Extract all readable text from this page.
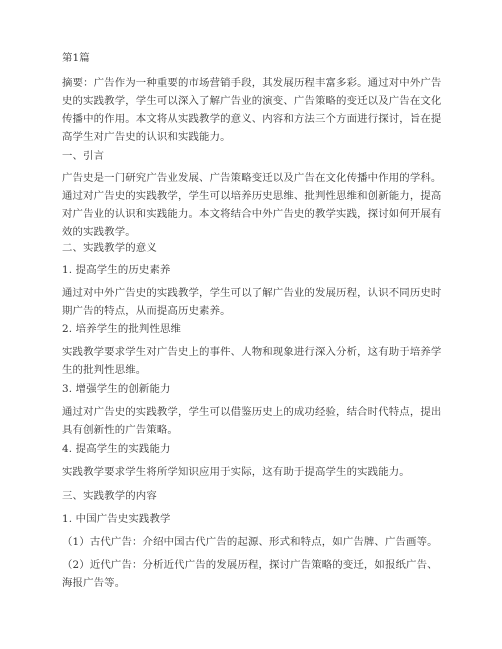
第1篇
摘要：广告作为一种重要的市场营销手段，其发展历程丰富多彩。通过对中外广告史的实践教学，学生可以深入了解广告业的演变、广告策略的变迁以及广告在文化传播中的作用。本文将从实践教学的意义、内容和方法三个方面进行探讨，旨在提高学生对广告史的认识和实践能力。
一、引言
广告史是一门研究广告业发展、广告策略变迁以及广告在文化传播中作用的学科。通过对广告史的实践教学，学生可以培养历史思维、批判性思维和创新能力，提高对广告业的认识和实践能力。本文将结合中外广告史的教学实践，探讨如何开展有效的实践教学。
二、实践教学的意义
1. 提高学生的历史素养
通过对中外广告史的实践教学，学生可以了解广告业的发展历程，认识不同历史时期广告的特点，从而提高历史素养。
2. 培养学生的批判性思维
实践教学要求学生对广告史上的事件、人物和现象进行深入分析，这有助于培养学生的批判性思维。
3. 增强学生的创新能力
通过对广告史的实践教学，学生可以借鉴历史上的成功经验，结合时代特点，提出具有创新性的广告策略。
4. 提高学生的实践能力
实践教学要求学生将所学知识应用于实际，这有助于提高学生的实践能力。
三、实践教学的内容
1. 中国广告史实践教学
（1）古代广告：介绍中国古代广告的起源、形式和特点，如广告牌、广告画等。
（2）近代广告：分析近代广告的发展历程，探讨广告策略的变迁，如报纸广告、海报广告等。
